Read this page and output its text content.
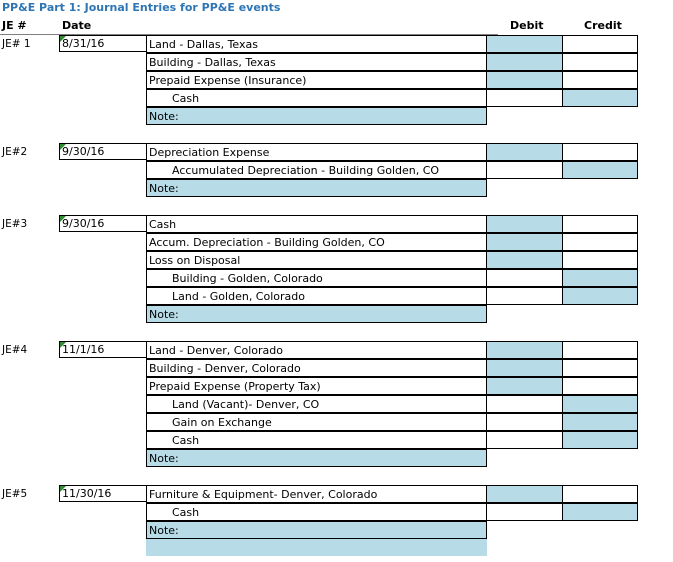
PP&E Part 1: Journal Entries for PP&E events
JE #	Date	Debit	Credit
JE# 1	8/31/16	Land - Dallas, Texas
Building - Dallas, Texas
Prepaid Expense (Insurance)
Cash
Note:
JE#2	9/30/16	Depreciation Expense
Accumulated Depreciation - Building Golden, CO
Note:
JE#3	9/30/16	Cash
Accum. Depreciation - Building Golden, CO
Loss on Disposal
Building - Golden, Colorado
Land - Golden, Colorado
Note:
JE#4	11/1/16	Land - Denver, Colorado
Building - Denver, Colorado
Prepaid Expense (Property Tax)
Land (Vacant)- Denver, CO
Gain on Exchange
Cash
Note:
JE#5	11/30/16	Furniture & Equipment- Denver, Colorado
Cash
Note:
